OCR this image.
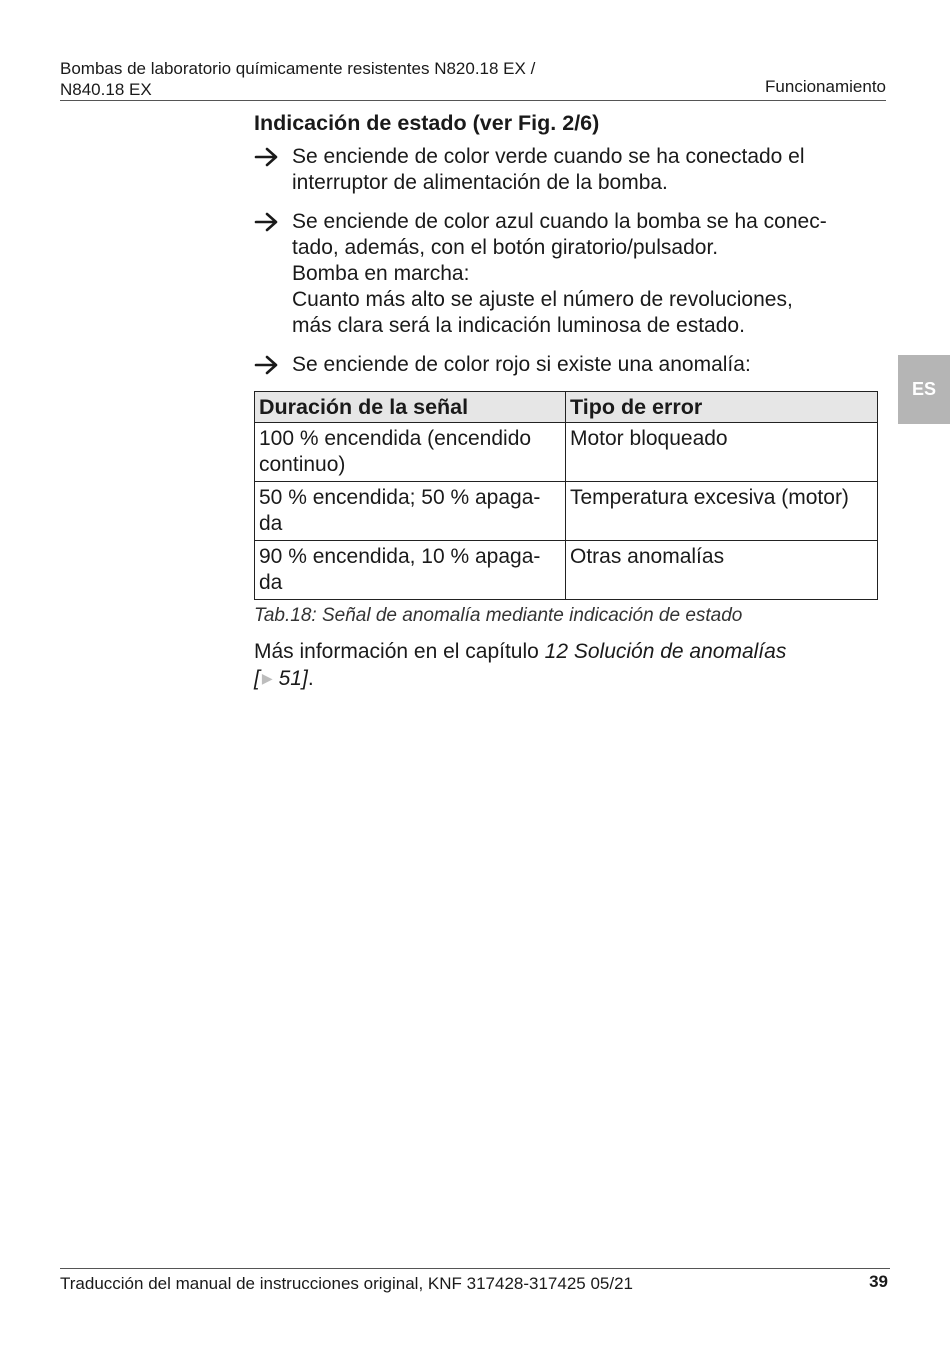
Bombas de laboratorio químicamente resistentes N820.18 EX /
N840.18 EX	Funcionamiento
ES
Indicación de estado (ver Fig. 2/6)

Se enciende de color verde cuando se ha conectado el

interruptor de alimentación de la bomba.

Se enciende de color azul cuando la bomba se ha conec-

tado, además, con el botón giratorio/pulsador.

Bomba en marcha:

Cuanto más alto se ajuste el número de revoluciones,

más clara será la indicación luminosa de estado.

Se enciende de color rojo si existe una anomalía:

Duración de la señal	Tipo de error

100 % encendida (encendido
continuo)	Motor bloqueado

50 % encendida; 50 % apaga-
da	Temperatura excesiva (motor)

90 % encendida, 10 % apaga-
da	Otras anomalías
Tab.18: Señal de anomalía mediante indicación de estado
Más información en el capítulo 12 Solución de anomalías
[ ▶ 51].
Traducción del manual de instrucciones original, KNF 317428-317425 05/21	39
